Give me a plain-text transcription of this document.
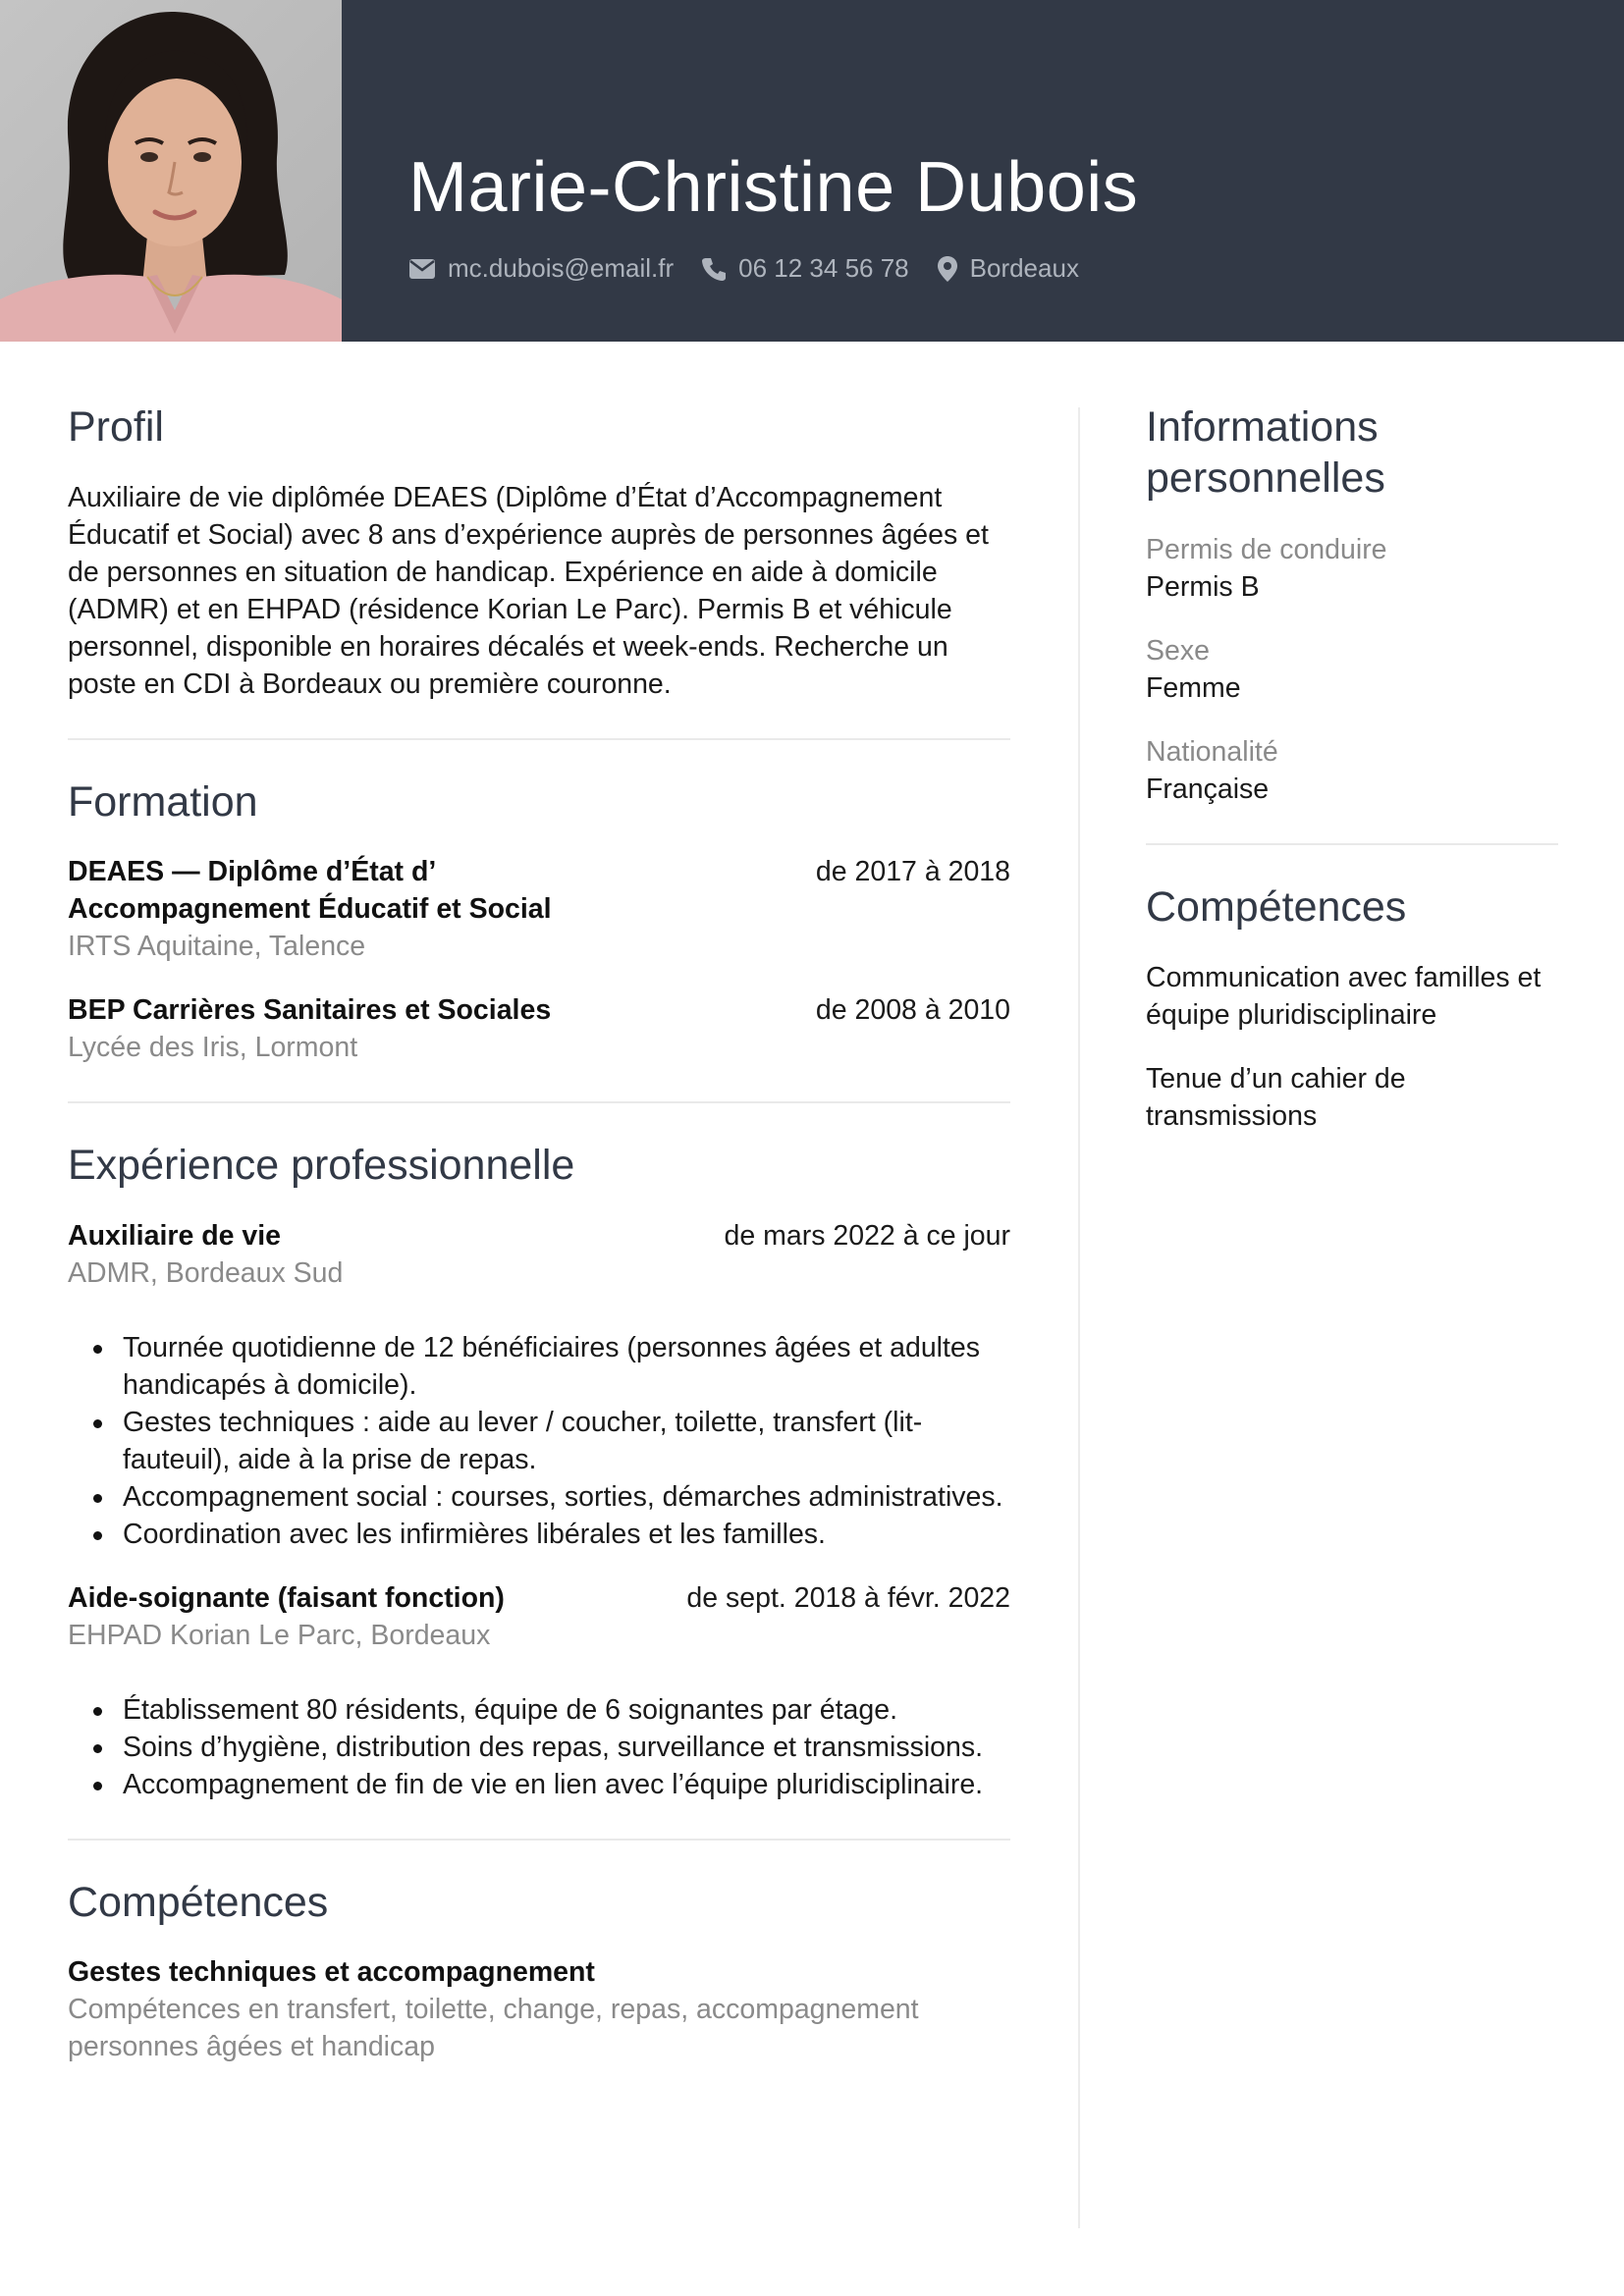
Marie-Christine Dubois
mc.dubois@email.fr	06 12 34 56 78 Bordeaux
Profil

Auxiliaire de vie diplômée DEAES (Diplôme d’État d’Accompagnement Éducatif et Social) avec 8 ans d’expérience auprès de personnes âgées et de personnes en situation de handicap. Expérience en aide à domicile (ADMR) et en EHPAD (résidence Korian Le Parc). Permis B et véhicule personnel, disponible en horaires décalés et week-ends. Recherche un poste en CDI à Bordeaux ou première couronne.

Formation
DEAES — Diplôme d’État d’
Accompagnement Éducatif et Social
de 2017 à 2018
IRTS Aquitaine, Talence
BEP Carrières Sanitaires et Sociales	de 2008 à 2010
Lycée des Iris, Lormont
Expérience professionnelle
Auxiliaire de vie	de mars 2022 à ce jour
ADMR, Bordeaux Sud
Tournée quotidienne de 12 bénéficiaires (personnes âgées et adultes handicapés à domicile).
Gestes techniques : aide au lever / coucher, toilette, transfert (lit-fauteuil), aide à la prise de repas.
Accompagnement social : courses, sorties, démarches administratives.
Coordination avec les infirmières libérales et les familles.
Aide-soignante (faisant fonction)	de sept. 2018 à févr. 2022
EHPAD Korian Le Parc, Bordeaux
Établissement 80 résidents, équipe de 6 soignantes par étage.
Soins d’hygiène, distribution des repas, surveillance et transmissions.
Accompagnement de fin de vie en lien avec l’équipe pluridisciplinaire.
Compétences
Gestes techniques et accompagnement
Compétences en transfert, toilette, change, repas, accompagnement personnes âgées et handicap
Informations personnelles
Permis de conduire
Permis B
Sexe
Femme
Nationalité
Française
Compétences
Communication avec familles et équipe pluridisciplinaire
Tenue d’un cahier de transmissions
